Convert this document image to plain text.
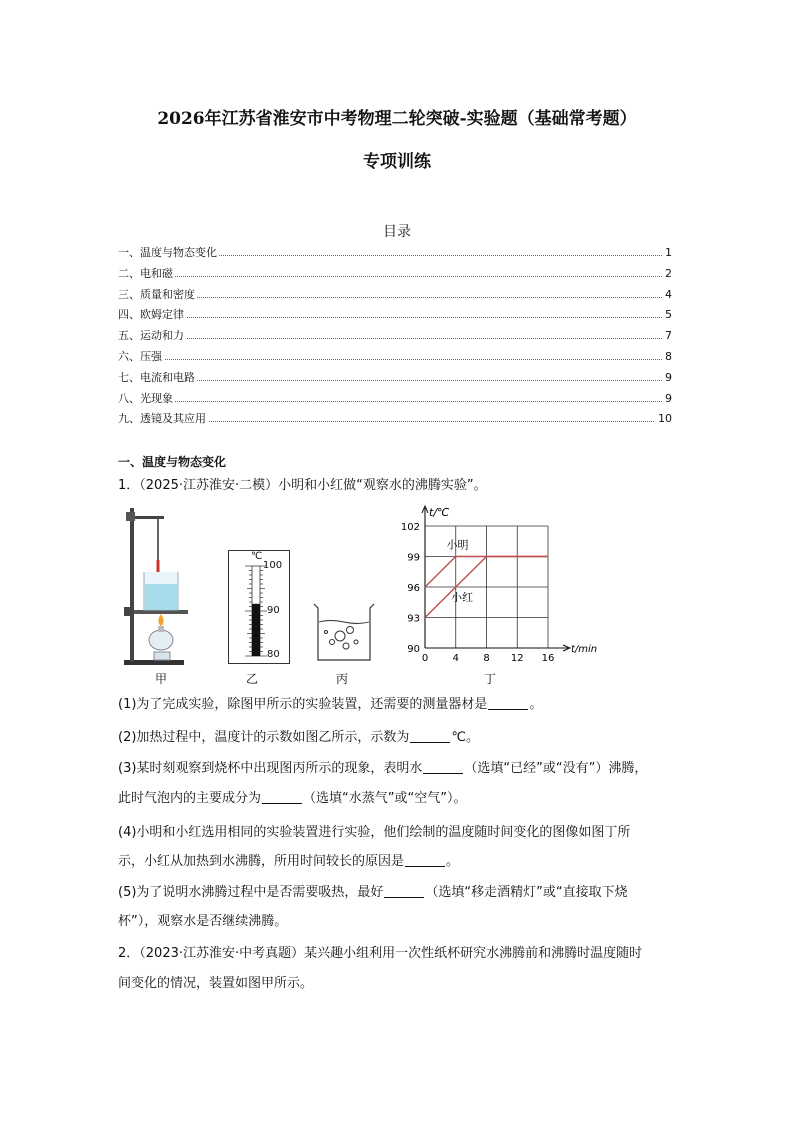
2026年江苏省淮安市中考物理二轮突破-实验题（基础常考题）
专项训练
目录
一、温度与物态变化	1
二、电和磁	2
三、质量和密度	4
四、欧姆定律	5
五、运动和力	7
六、压强	8
七、电流和电路	9
八、光现象	9
九、透镜及其应用	10
一、温度与物态变化
1．（2025·江苏淮安·二模）小明和小红做“观察水的沸腾实验”。
甲
℃
100
90
80
乙	丙
0 4 8 12 16
90
93
96
99
102
t/℃
t/min
小明
小红
丁
(1)为了完成实验，除图甲所示的实验装置，还需要的测量器材是	。
(2)加热过程中，温度计的示数如图乙所示，示数为	℃。
(3)某时刻观察到烧杯中出现图丙所示的现象，表明水	（选填“已经”或“没有”）沸腾，
此时气泡内的主要成分为	（选填“水蒸气”或“空气”）。
(4)小明和小红选用相同的实验装置进行实验，他们绘制的温度随时间变化的图像如图丁所
示，小红从加热到水沸腾，所用时间较长的原因是	。
(5)为了说明水沸腾过程中是否需要吸热，最好	（选填“移走酒精灯”或“直接取下烧
杯”），观察水是否继续沸腾。
2．（2023·江苏淮安·中考真题）某兴趣小组利用一次性纸杯研究水沸腾前和沸腾时温度随时
间变化的情况，装置如图甲所示。
